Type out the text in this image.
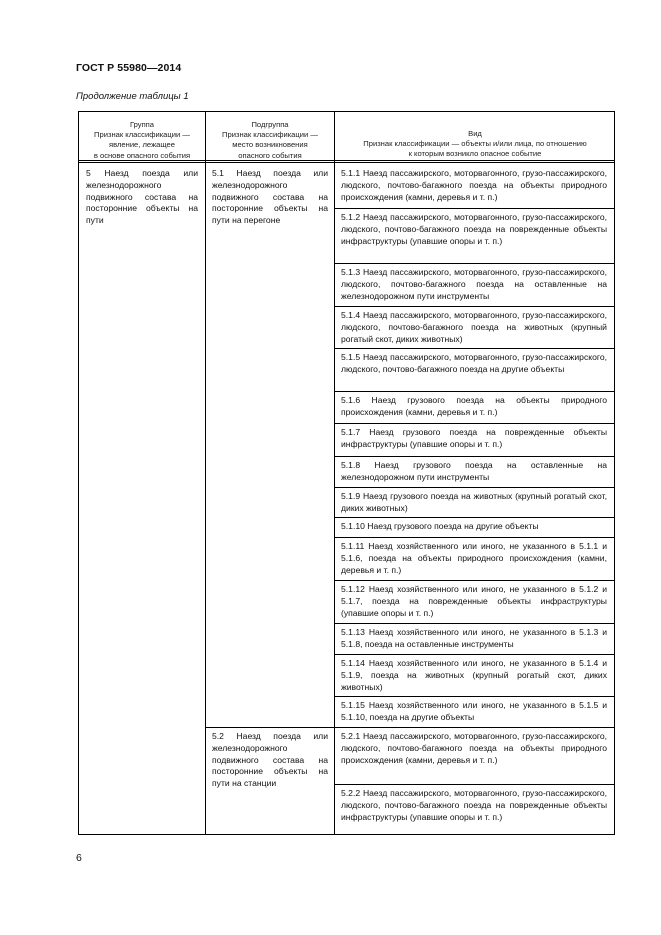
ГОСТ Р 55980—2014
Продолжение таблицы 1
Группа
Признак классификации —
явление, лежащее
в основе опасного события
Подгруппа
Признак классификации —
место возникновения
опасного события
Вид
Признак классификации — объекты и/или лица, по отношению
к которым возникло опасное событие
5 Наезд поезда или железнодорожного подвижного состава на посторонние объекты на пути
5.1 Наезд поезда или железнодорожного подвижного состава на посторонние объекты на пути на перегоне
5.2 Наезд поезда или железнодорожного подвижного состава на посторонние объекты на пути на станции
5.1.1 Наезд пассажирского, моторвагонного, грузо-пассажирского, людского, почтово-багажного поезда на объекты природного происхождения (камни, деревья и т. п.)
5.1.2 Наезд пассажирского, моторвагонного, грузо-пассажирского, людского, почтово-багажного поезда на поврежденные объекты инфраструктуры (упавшие опоры и т. п.)
5.1.3 Наезд пассажирского, моторвагонного, грузо-пассажирского, людского, почтово-багажного поезда на оставленные на железнодорожном пути инструменты
5.1.4 Наезд пассажирского, моторвагонного, грузо-пассажирского, людского, почтово-багажного поезда на животных (крупный рогатый скот, диких животных)
5.1.5 Наезд пассажирского, моторвагонного, грузо-пассажирского, людского, почтово-багажного поезда на другие объекты
5.1.6 Наезд грузового поезда на объекты природного происхождения (камни, деревья и т. п.)
5.1.7 Наезд грузового поезда на поврежденные объекты инфраструктуры (упавшие опоры и т. п.)
5.1.8 Наезд грузового поезда на оставленные на железнодорожном пути инструменты
5.1.9 Наезд грузового поезда на животных (крупный рогатый скот, диких животных)
5.1.10 Наезд грузового поезда на другие объекты
5.1.11 Наезд хозяйственного или иного, не указанного в 5.1.1 и 5.1.6, поезда на объекты природного происхождения (камни, деревья и т. п.)
5.1.12 Наезд хозяйственного или иного, не указанного в 5.1.2 и 5.1.7, поезда на поврежденные объекты инфраструктуры (упавшие опоры и т. п.)
5.1.13 Наезд хозяйственного или иного, не указанного в 5.1.3 и 5.1.8, поезда на оставленные инструменты
5.1.14 Наезд хозяйственного или иного, не указанного в 5.1.4 и 5.1.9, поезда на животных (крупный рогатый скот, диких животных)
5.1.15 Наезд хозяйственного или иного, не указанного в 5.1.5 и 5.1.10, поезда на другие объекты
5.2.1 Наезд пассажирского, моторвагонного, грузо-пассажирского, людского, почтово-багажного поезда на объекты природного происхождения (камни, деревья и т. п.)
5.2.2 Наезд пассажирского, моторвагонного, грузо-пассажирского, людского, почтово-багажного поезда на поврежденные объекты инфраструктуры (упавшие опоры и т. п.)
6
